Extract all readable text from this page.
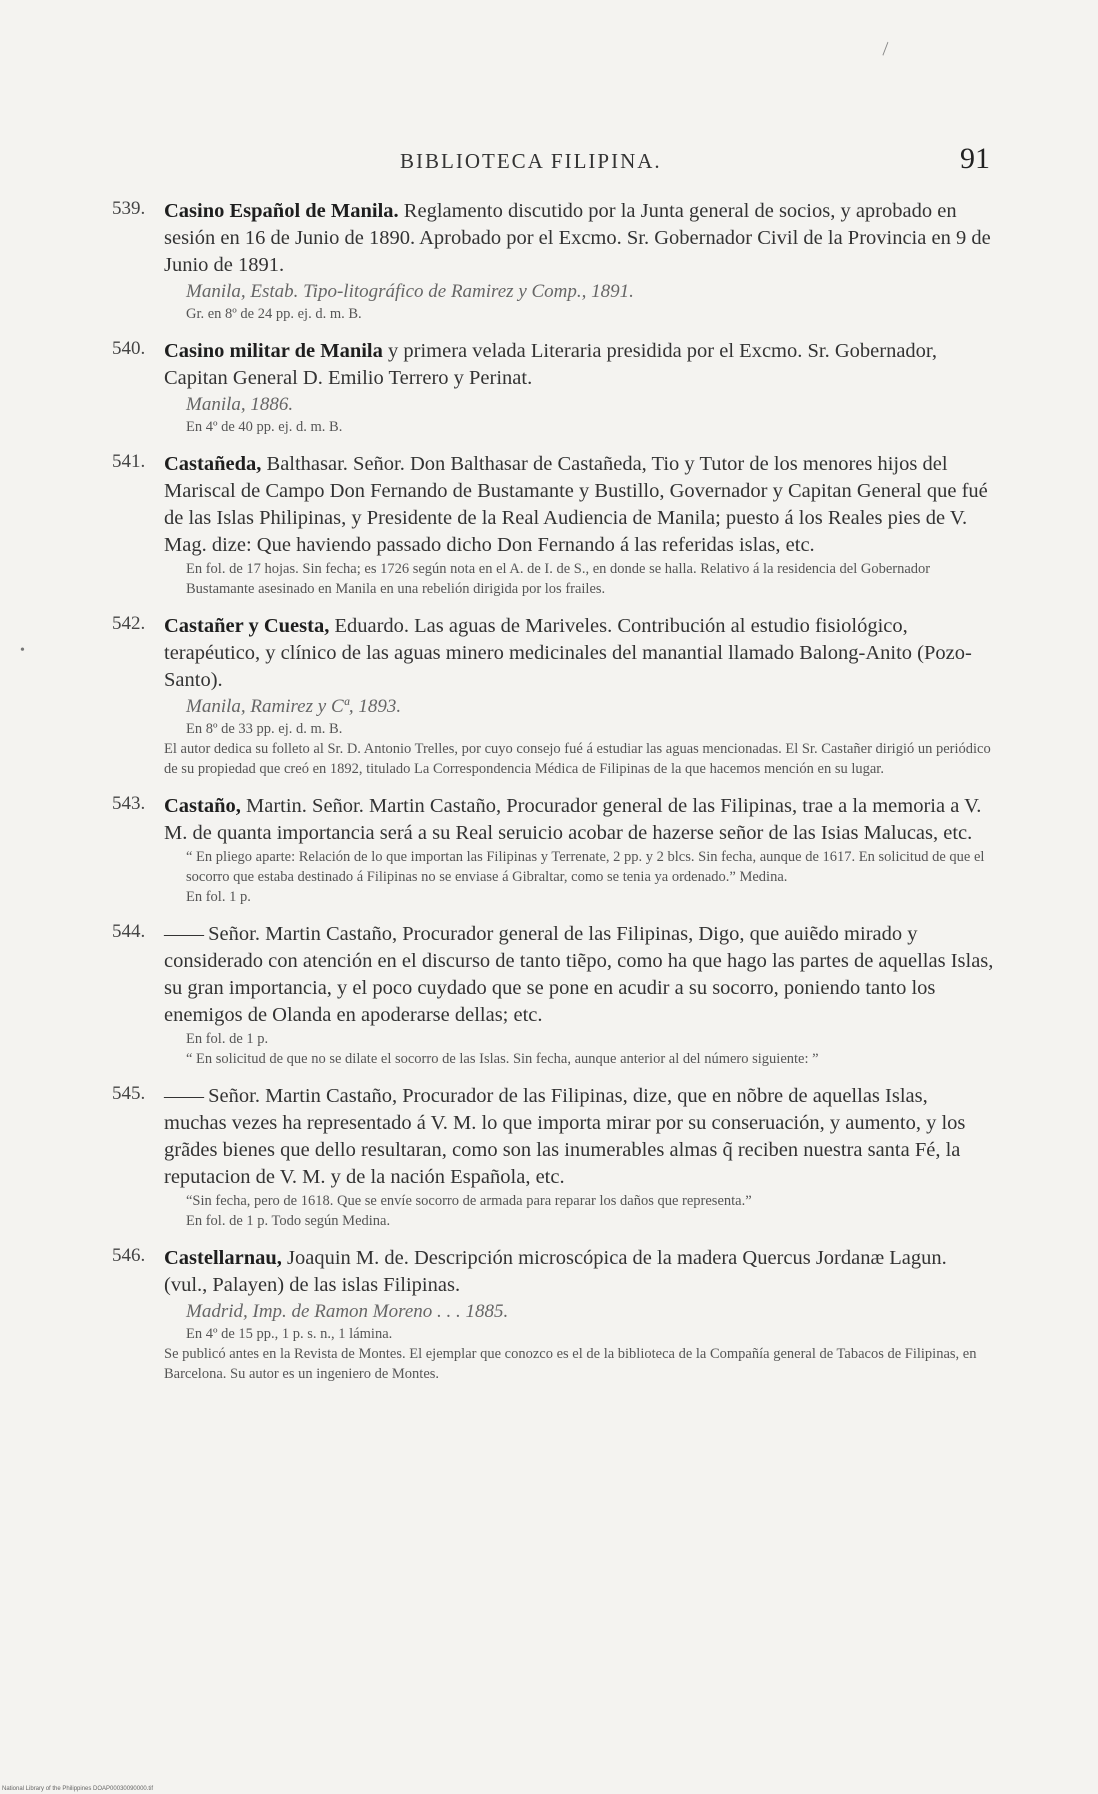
\
BIBLIOTECA FILIPINA.	91
•
539. Casino Español de Manila. Reglamento discutido por la Junta general de socios, y aprobado en sesión en 16 de Junio de 1890. Aprobado por el Excmo. Sr. Gobernador Civil de la Provincia en 9 de Junio de 1891.
Manila, Estab. Tipo-litográfico de Ramirez y Comp., 1891.
Gr. en 8º de 24 pp. ej. d. m. B.
540. Casino militar de Manila y primera velada Literaria presidida por el Excmo. Sr. Gobernador, Capitan General D. Emilio Terrero y Perinat.
Manila, 1886.
En 4º de 40 pp. ej. d. m. B.
541. Castañeda, Balthasar. Señor. Don Balthasar de Castañeda, Tio y Tutor de los menores hijos del Mariscal de Campo Don Fernando de Bustamante y Bustillo, Governador y Capitan General que fué de las Islas Philipinas, y Presidente de la Real Audiencia de Manila; puesto á los Reales pies de V. Mag. dize: Que haviendo passado dicho Don Fernando á las referidas islas, etc.
En fol. de 17 hojas. Sin fecha; es 1726 según nota en el A. de I. de S., en donde se halla. Relativo á la residencia del Gobernador Bustamante asesinado en Manila en una rebelión dirigida por los frailes.
542. Castañer y Cuesta, Eduardo. Las aguas de Mariveles. Contribución al estudio fisiológico, terapéutico, y clínico de las aguas minero medicinales del manantial llamado Balong-Anito (Pozo-Santo).
Manila, Ramirez y Cª, 1893.
En 8º de 33 pp. ej. d. m. B.
El autor dedica su folleto al Sr. D. Antonio Trelles, por cuyo consejo fué á estudiar las aguas mencionadas. El Sr. Castañer dirigió un periódico de su propiedad que creó en 1892, titulado La Correspondencia Médica de Filipinas de la que hacemos mención en su lugar.
543. Castaño, Martin. Señor. Martin Castaño, Procurador general de las Filipinas, trae a la memoria a V. M. de quanta importancia será a su Real seruicio acobar de hazerse señor de las Isias Malucas, etc.
“ En pliego aparte: Relación de lo que importan las Filipinas y Terrenate, 2 pp. y 2 blcs. Sin fecha, aunque de 1617. En solicitud de que el socorro que estaba destinado á Filipinas no se enviase á Gibraltar, como se tenia ya ordenado.” Medina.
En fol. 1 p.
544. —— Señor. Martin Castaño, Procurador general de las Filipinas, Digo, que auiẽdo mirado y considerado con atención en el discurso de tanto tiẽpo, como ha que hago las partes de aquellas Islas, su gran importancia, y el poco cuydado que se pone en acudir a su socorro, poniendo tanto los enemigos de Olanda en apoderarse dellas; etc.
En fol. de 1 p.
“ En solicitud de que no se dilate el socorro de las Islas. Sin fecha, aunque anterior al del número siguiente: ”
545. —— Señor. Martin Castaño, Procurador de las Filipinas, dize, que en nõbre de aquellas Islas, muchas vezes ha representado á V. M. lo que importa mirar por su conseruación, y aumento, y los grãdes bienes que dello resultaran, como son las inumerables almas q̃ reciben nuestra santa Fé, la reputacion de V. M. y de la nación Española, etc.
“Sin fecha, pero de 1618. Que se envíe socorro de armada para reparar los daños que representa.”
En fol. de 1 p. Todo según Medina.
546. Castellarnau, Joaquin M. de. Descripción microscópica de la madera Quercus Jordanæ Lagun. (vul., Palayen) de las islas Filipinas.
Madrid, Imp. de Ramon Moreno . . . 1885.
En 4º de 15 pp., 1 p. s. n., 1 lámina.
Se publicó antes en la Revista de Montes. El ejemplar que conozco es el de la biblioteca de la Compañía general de Tabacos de Filipinas, en Barcelona. Su autor es un ingeniero de Montes.
National Library of the Philippines DOAP00030090000.tif
